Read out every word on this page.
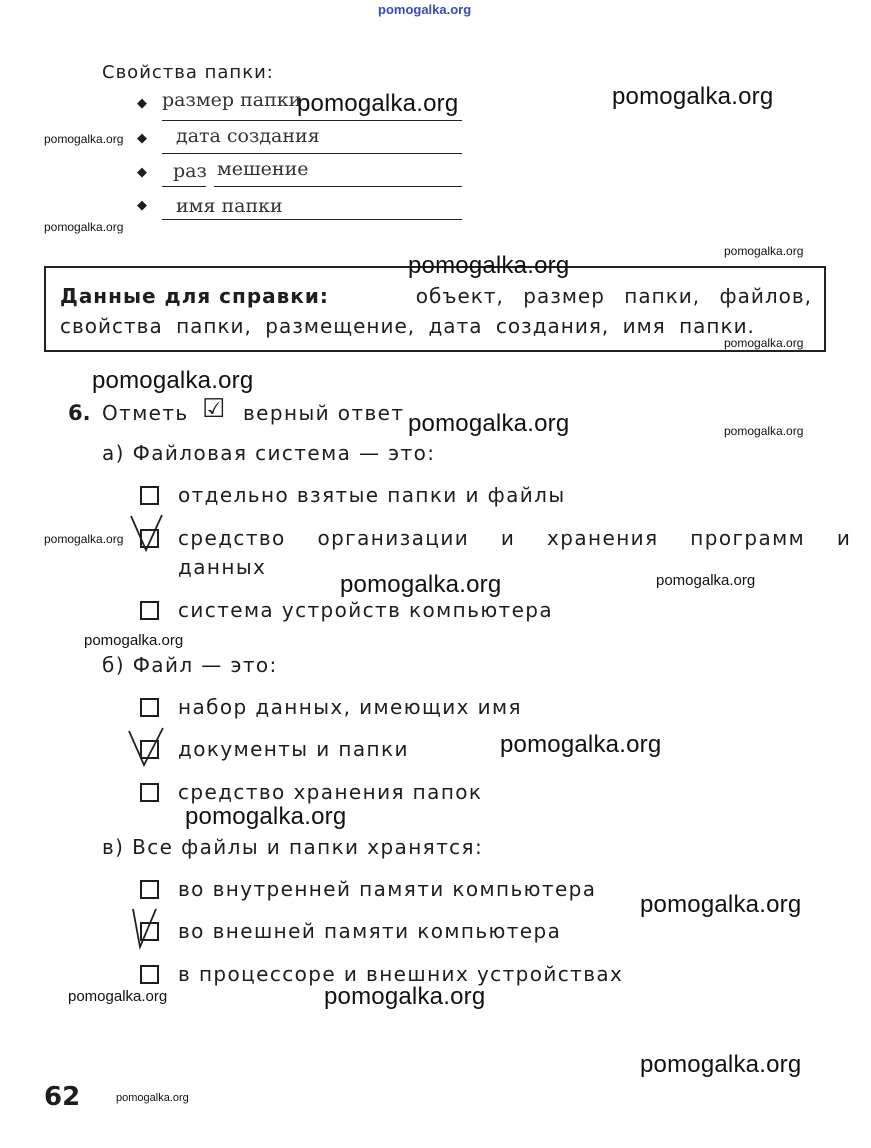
pomogalka.org
Свойства папки:
◆ размер папки
◆ дата создания
◆ раз мешение
◆ имя папки
Данные для справки:	объект, размер папки, файлов,
свойства папки, размещение, дата создания, имя папки.
6. Отметь ☑ верный ответ
а) Файловая система — это:
отдельно взятые папки и файлы
средство организации и хранения программ и
данных
система устройств компьютера
б) Файл — это:
набор данных, имеющих имя
документы и папки
средство хранения папок
в) Все файлы и папки хранятся:
во внутренней памяти компьютера
во внешней памяти компьютера
в процессоре и внешних устройствах
62
pomogalka.org	pomogalka.org
pomogalka.org
pomogalka.org
pomogalka.org
pomogalka.org
pomogalka.org
pomogalka.org
pomogalka.org	pomogalka.org
pomogalka.org
pomogalka.org	pomogalka.org
pomogalka.org
pomogalka.org
pomogalka.org
pomogalka.org
pomogalka.org	pomogalka.org
pomogalka.org
pomogalka.org
